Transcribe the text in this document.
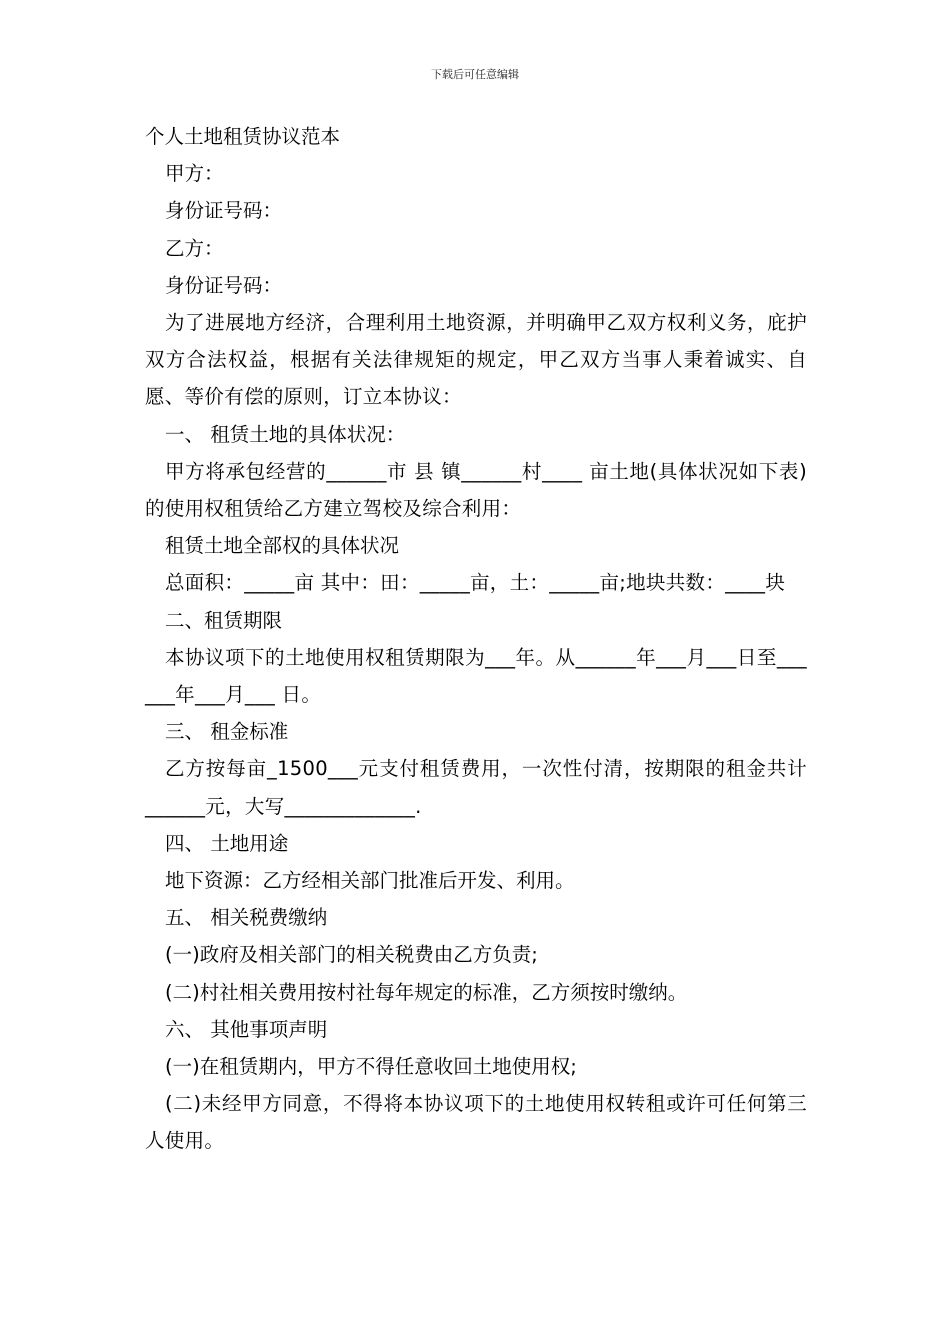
下载后可任意编辑

个人土地租赁协议范本

甲方：

身份证号码：

乙方：

身份证号码：

为了进展地方经济，合理利用土地资源，并明确甲乙双方权利义务，庇护双方合法权益，根据有关法律规矩的规定，甲乙双方当事人秉着诚实、自愿、等价有偿的原则，订立本协议：

一、 租赁土地的具体状况：

甲方将承包经营的______市 县 镇______村____ 亩土地(具体状况如下表)的使用权租赁给乙方建立驾校及综合利用：

租赁土地全部权的具体状况

总面积：_____亩 其中：田：_____亩，土：_____亩;地块共数：____块

二、租赁期限

本协议项下的土地使用权租赁期限为___年。从______年___月___日至______年___月___ 日。

三、 租金标准

乙方按每亩_1500___元支付租赁费用，一次性付清，按期限的租金共计______元，大写_____________.

四、 土地用途

地下资源：乙方经相关部门批准后开发、利用。

五、 相关税费缴纳

(一)政府及相关部门的相关税费由乙方负责;

(二)村社相关费用按村社每年规定的标准，乙方须按时缴纳。

六、 其他事项声明

(一)在租赁期内，甲方不得任意收回土地使用权;

(二)未经甲方同意，不得将本协议项下的土地使用权转租或许可任何第三人使用。
